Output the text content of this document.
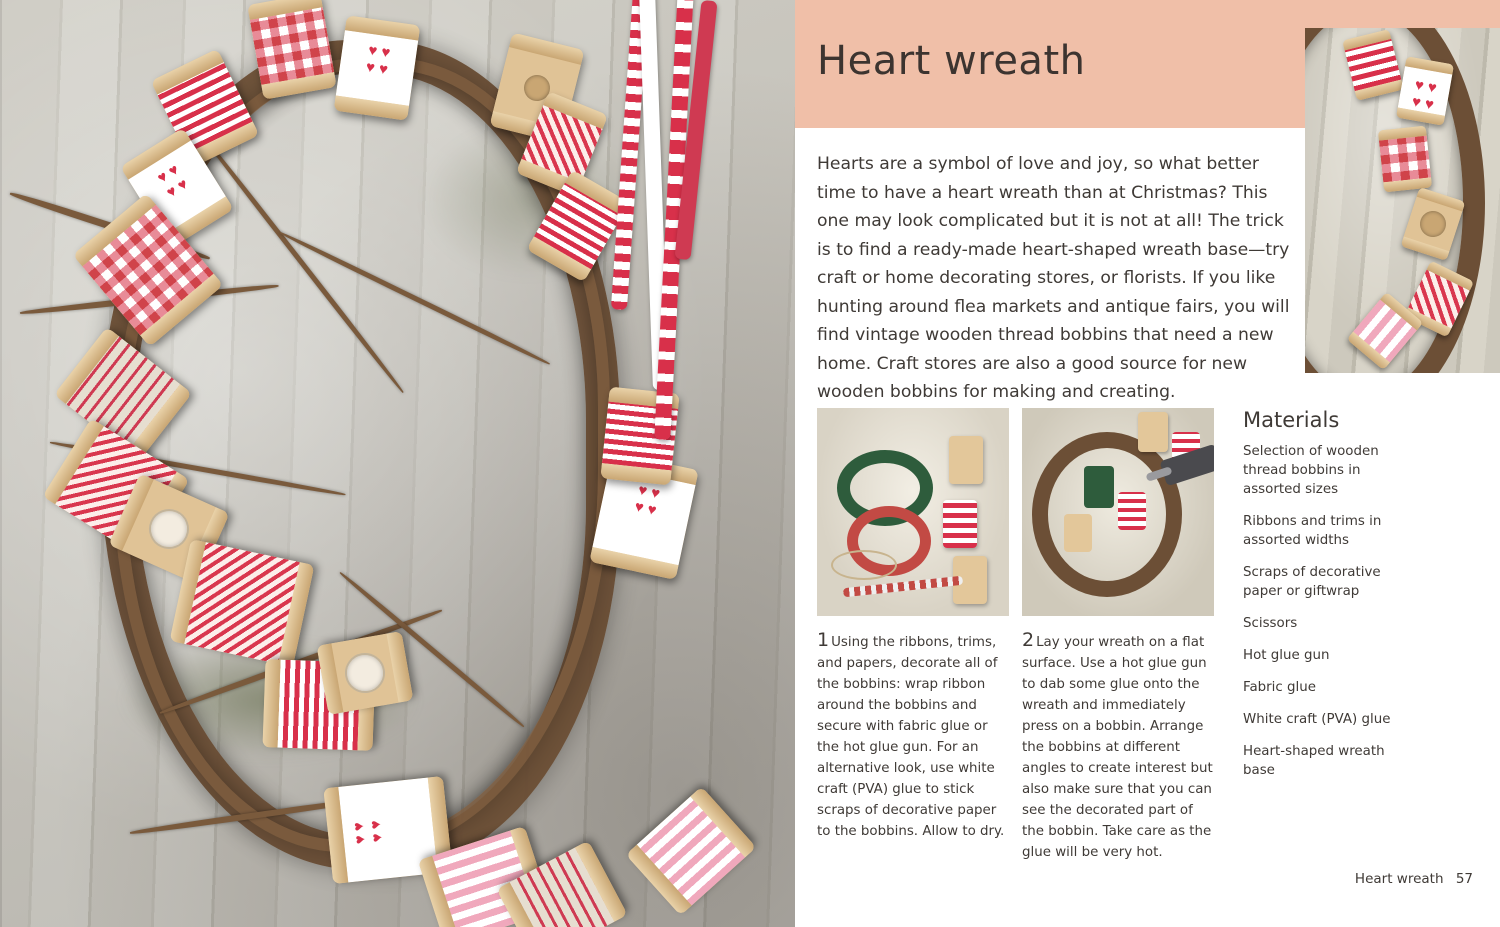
♥ ♥ ♥ ♥
♥ ♥ ♥ ♥
♥ ♥ ♥ ♥
♥ ♥ ♥ ♥
Heart wreath
♥ ♥ ♥ ♥

Hearts are a symbol of love and joy, so what better time to have a heart wreath than at Christmas? This one may look complicated but it is not at all! The trick is to find a ready-made heart-shaped wreath base—try craft or home decorating stores, or florists. If you like hunting around flea markets and antique fairs, you will find vintage wooden thread bobbins that need a new home. Craft stores are also a good source for new wooden bobbins for making and creating.

1 Using the ribbons, trims, and papers, decorate all of the bobbins: wrap ribbon around the bobbins and secure with fabric glue or the hot glue gun. For an alternative look, use white craft (PVA) glue to stick scraps of decorative paper to the bobbins. Allow to dry.

2 Lay your wreath on a flat surface. Use a hot glue gun to dab some glue onto the wreath and immediately press on a bobbin. Arrange the bobbins at different angles to create interest but also make sure that you can see the decorated part of the bobbin. Take care as the glue will be very hot.

Materials
Selection of wooden thread bobbins in assorted sizes
Ribbons and trims in assorted widths
Scraps of decorative paper or giftwrap
Scissors
Hot glue gun
Fabric glue
White craft (PVA) glue
Heart-shaped wreath base
Heart wreath 57
